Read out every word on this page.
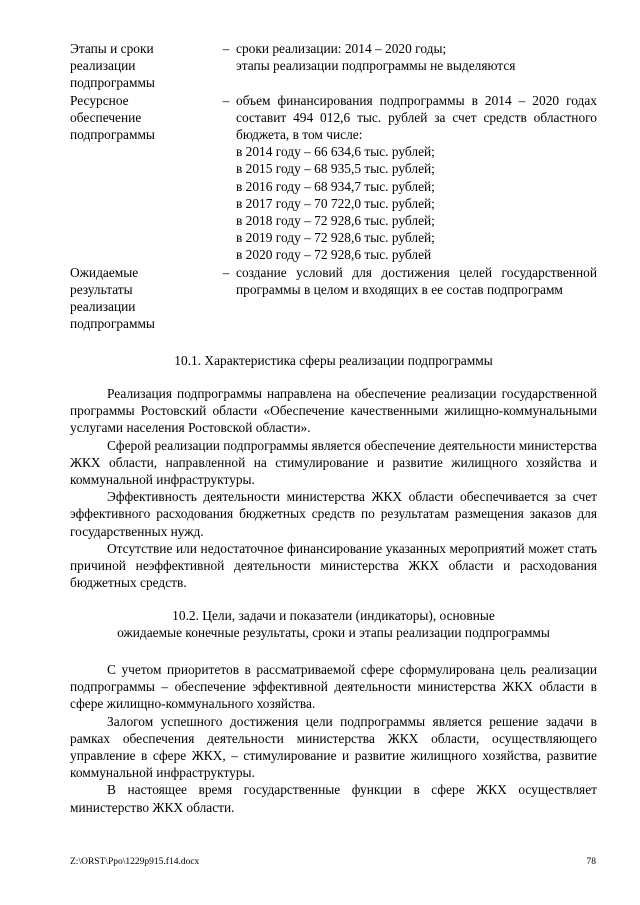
Этапы и сроки
реализации
подпрограммы
– сроки реализации: 2014 – 2020 годы;
этапы реализации подпрограммы не выделяются
Ресурсное
обеспечение
подпрограммы
– объем финансирования подпрограммы в 2014 – 2020 годах составит 494 012,6 тыс. рублей за счет средств областного бюджета, в том числе:
в 2014 году – 66 634,6 тыс. рублей;
в 2015 году – 68 935,5 тыс. рублей;
в 2016 году – 68 934,7 тыс. рублей;
в 2017 году – 70 722,0 тыс. рублей;
в 2018 году – 72 928,6 тыс. рублей;
в 2019 году – 72 928,6 тыс. рублей;
в 2020 году – 72 928,6 тыс. рублей
Ожидаемые
результаты
реализации
подпрограммы
– создание условий для достижения целей государственной программы в целом и входящих в ее состав подпрограмм
10.1. Характеристика сферы реализации подпрограммы

Реализация подпрограммы направлена на обеспечение реализации государственной программы Ростовский области «Обеспечение качественными жилищно-коммунальными услугами населения Ростовской области».

Сферой реализации подпрограммы является обеспечение деятельности министерства ЖКХ области, направленной на стимулирование и развитие жилищного хозяйства и коммунальной инфраструктуры.

Эффективность деятельности министерства ЖКХ области обеспечивается за счет эффективного расходования бюджетных средств по результатам размещения заказов для государственных нужд.

Отсутствие или недостаточное финансирование указанных мероприятий может стать причиной неэффективной деятельности министерства ЖКХ области и расходования бюджетных средств.

10.2. Цели, задачи и показатели (индикаторы), основные
ожидаемые конечные результаты, сроки и этапы реализации подпрограммы

С учетом приоритетов в рассматриваемой сфере сформулирована цель реализации подпрограммы – обеспечение эффективной деятельности министерства ЖКХ области в сфере жилищно-коммунального хозяйства.

Залогом успешного достижения цели подпрограммы является решение задачи в рамках обеспечения деятельности министерства ЖКХ области, осуществляющего управление в сфере ЖКХ, – стимулирование и развитие жилищного хозяйства, развитие коммунальной инфраструктуры.

В настоящее время государственные функции в сфере ЖКХ осуществляет министерство ЖКХ области.

Z:\ORST\Ppo\1229p915.f14.docx	78
